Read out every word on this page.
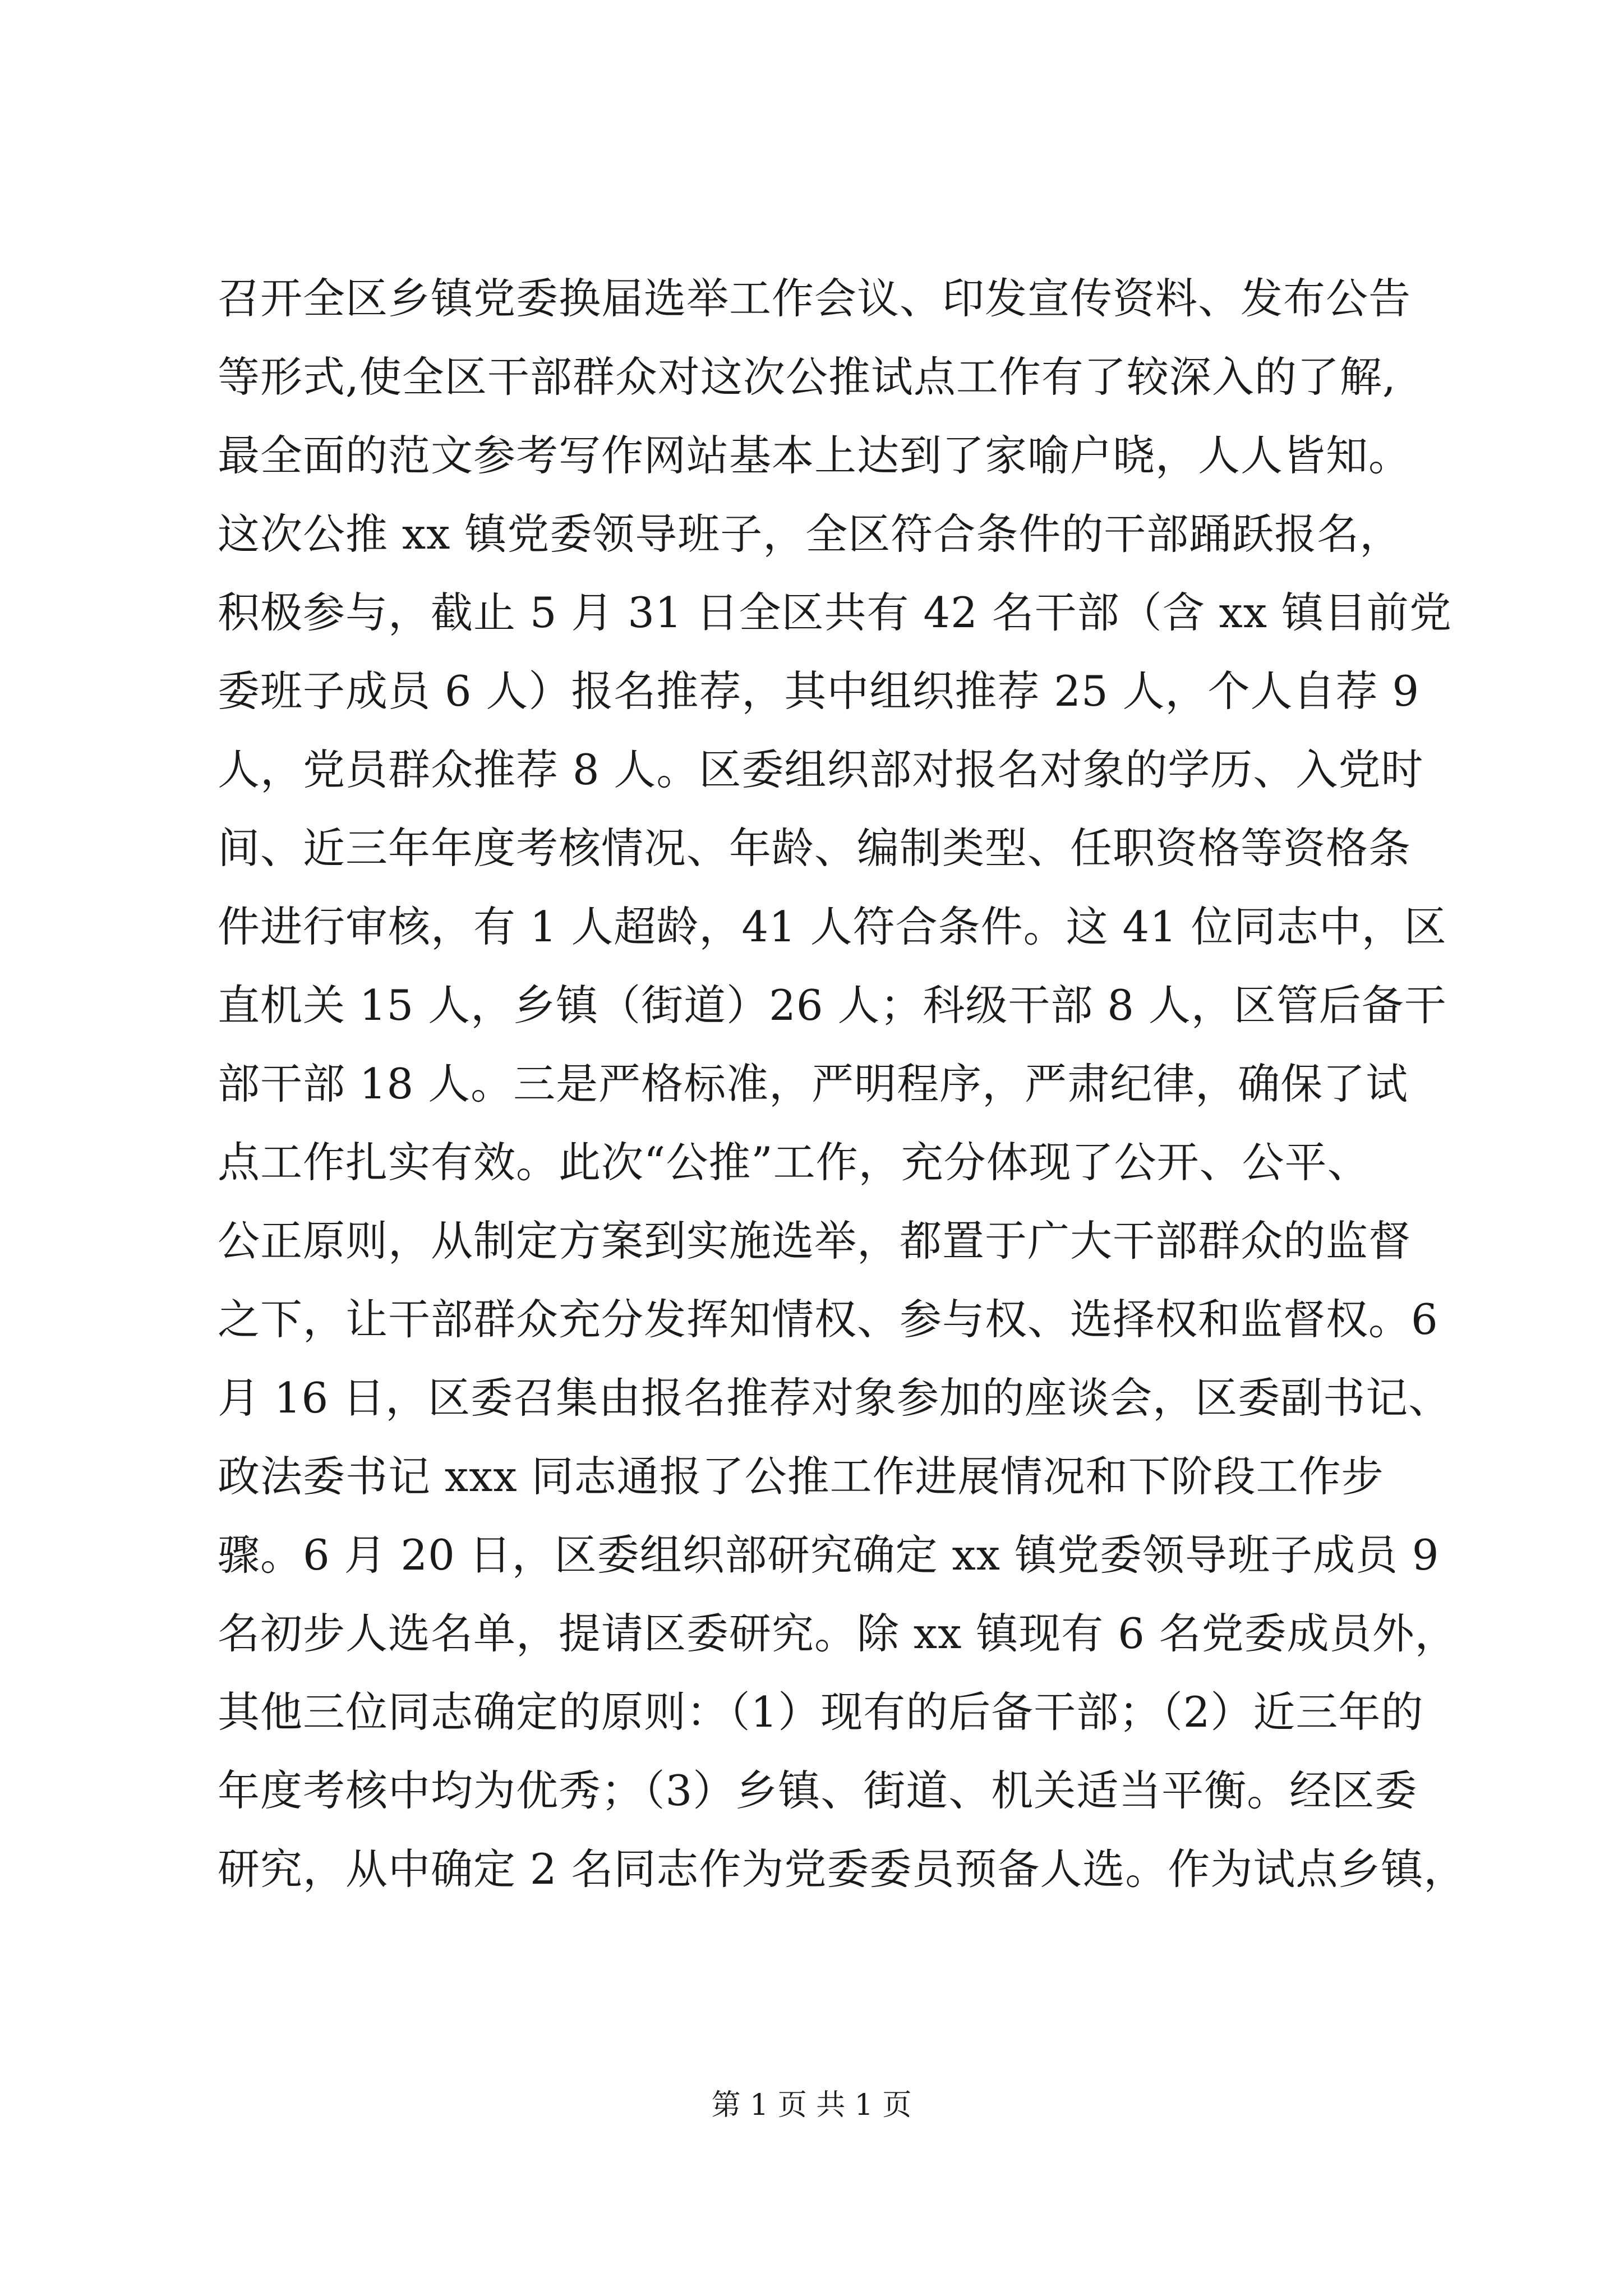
召开全区乡镇党委换届选举工作会议、印发宣传资料、发布公告
等形式,使全区干部群众对这次公推试点工作有了较深入的了解,
最全面的范文参考写作网站基本上达到了家喻户晓，人人皆知。
这次公推 xx 镇党委领导班子，全区符合条件的干部踊跃报名，
积极参与，截止 5 月 31 日全区共有 42 名干部（含 xx 镇目前党
委班子成员 6 人）报名推荐，其中组织推荐 25 人，个人自荐 9
人，党员群众推荐 8 人。区委组织部对报名对象的学历、入党时
间、近三年年度考核情况、年龄、编制类型、任职资格等资格条
件进行审核，有 1 人超龄，41 人符合条件。这 41 位同志中，区
直机关 15 人，乡镇（街道）26 人；科级干部 8 人，区管后备干
部干部 18 人。三是严格标准，严明程序，严肃纪律，确保了试
点工作扎实有效。此次“公推”工作，充分体现了公开、公平、
公正原则，从制定方案到实施选举，都置于广大干部群众的监督
之下，让干部群众充分发挥知情权、参与权、选择权和监督权。6
月 16 日，区委召集由报名推荐对象参加的座谈会，区委副书记、
政法委书记 xxx 同志通报了公推工作进展情况和下阶段工作步
骤。6 月 20 日，区委组织部研究确定 xx 镇党委领导班子成员 9
名初步人选名单，提请区委研究。除 xx 镇现有 6 名党委成员外，
其他三位同志确定的原则：（1）现有的后备干部；（2）近三年的
年度考核中均为优秀；（3）乡镇、街道、机关适当平衡。经区委
研究，从中确定 2 名同志作为党委委员预备人选。作为试点乡镇，
第 1 页 共 1 页
